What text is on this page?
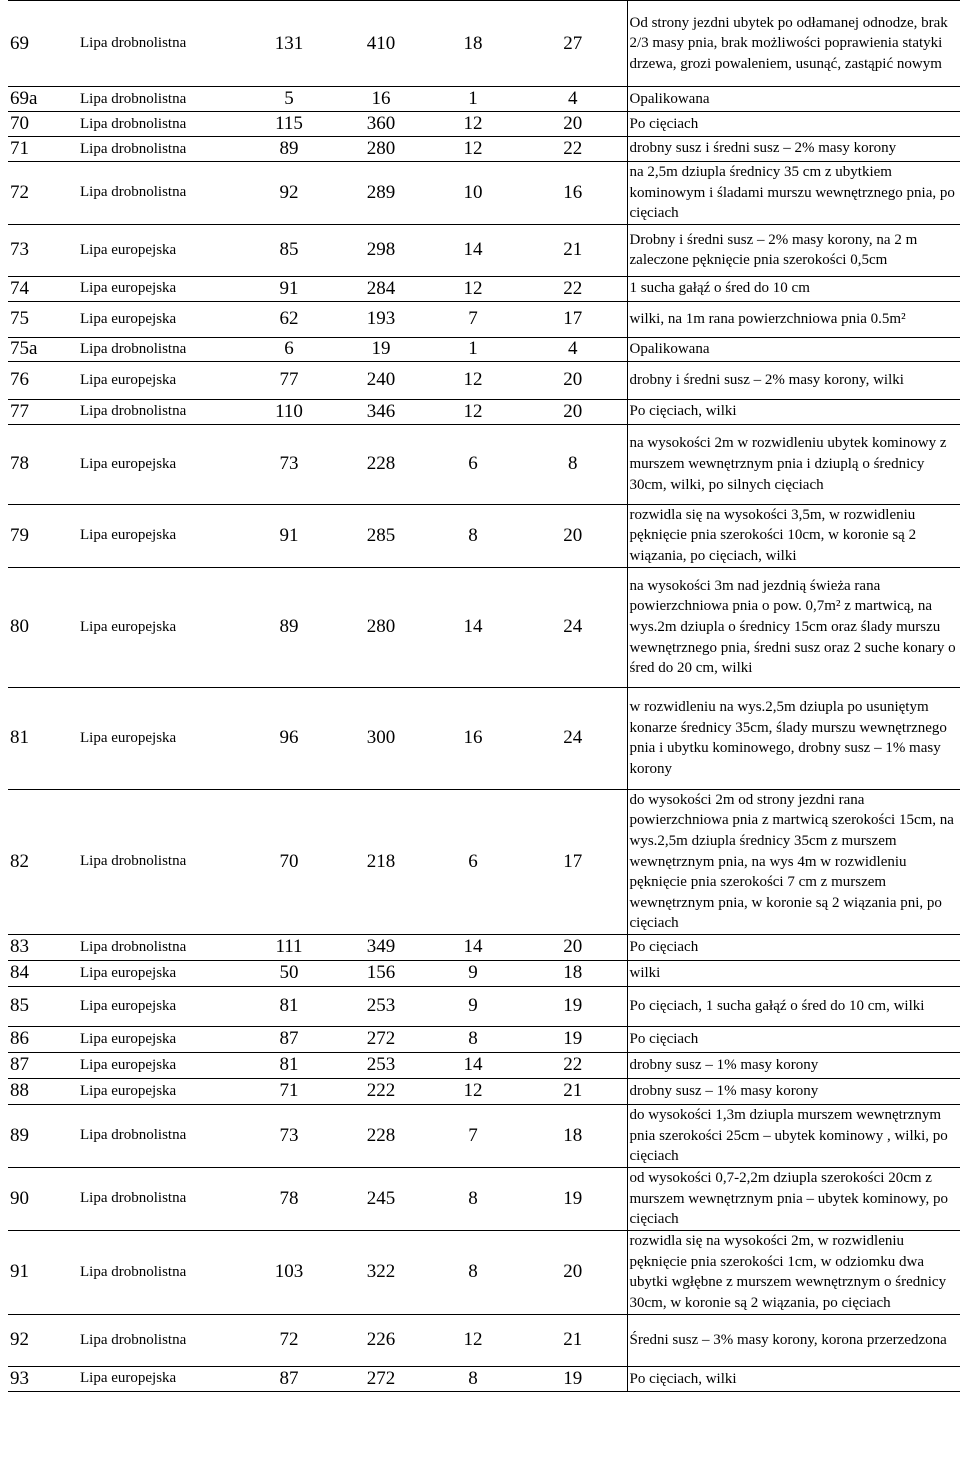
69	Lipa drobnolistna	131	410	18	27	Od strony jezdni ubytek po odłamanej odnodze, brak 2/3 masy pnia, brak możliwości poprawienia statyki drzewa, grozi powaleniem, usunąć, zastąpić nowym
69a	Lipa drobnolistna	5	16	1	4	Opalikowana
70	Lipa drobnolistna	115	360	12	20	Po cięciach
71	Lipa drobnolistna	89	280	12	22	drobny susz i średni susz – 2% masy korony
72	Lipa drobnolistna	92	289	10	16	na 2,5m dziupla średnicy 35 cm z ubytkiem kominowym i śladami murszu wewnętrznego pnia, po cięciach
73	Lipa europejska	85	298	14	21	Drobny i średni susz – 2% masy korony, na 2 m zaleczone pęknięcie pnia szerokości 0,5cm
74	Lipa europejska	91	284	12	22	1 sucha gałąź o śred do 10 cm
75	Lipa europejska	62	193	7	17	wilki, na 1m rana powierzchniowa pnia 0.5m²
75a	Lipa drobnolistna	6	19	1	4	Opalikowana
76	Lipa europejska	77	240	12	20	drobny i średni susz – 2% masy korony, wilki
77	Lipa drobnolistna	110	346	12	20	Po cięciach, wilki
78	Lipa europejska	73	228	6	8	na wysokości 2m w rozwidleniu ubytek kominowy z murszem wewnętrznym pnia i dziuplą o średnicy 30cm, wilki, po silnych cięciach
79	Lipa europejska	91	285	8	20	rozwidla się na wysokości 3,5m, w rozwidleniu pęknięcie pnia szerokości 10cm, w koronie są 2 wiązania, po cięciach, wilki
80	Lipa europejska	89	280	14	24	na wysokości 3m nad jezdnią świeża rana powierzchniowa pnia o pow. 0,7m² z martwicą, na wys.2m dziupla o średnicy 15cm oraz ślady murszu wewnętrznego pnia, średni susz oraz 2 suche konary o śred do 20 cm, wilki
81	Lipa europejska	96	300	16	24	w rozwidleniu na wys.2,5m dziupla po usuniętym konarze średnicy 35cm, ślady murszu wewnętrznego pnia i ubytku kominowego, drobny susz – 1% masy korony
82	Lipa drobnolistna	70	218	6	17	do wysokości 2m od strony jezdni rana powierzchniowa pnia z martwicą szerokości 15cm, na wys.2,5m dziupla średnicy 35cm z murszem wewnętrznym pnia, na wys 4m w rozwidleniu pęknięcie pnia szerokości 7 cm z murszem wewnętrznym pnia, w koronie są 2 wiązania pni, po cięciach
83	Lipa drobnolistna	111	349	14	20	Po cięciach
84	Lipa europejska	50	156	9	18	wilki
85	Lipa europejska	81	253	9	19	Po cięciach, 1 sucha gałąź o śred do 10 cm, wilki
86	Lipa europejska	87	272	8	19	Po cięciach
87	Lipa europejska	81	253	14	22	drobny susz – 1% masy korony
88	Lipa europejska	71	222	12	21	drobny susz – 1% masy korony
89	Lipa drobnolistna	73	228	7	18	do wysokości 1,3m dziupla murszem wewnętrznym pnia szerokości 25cm – ubytek kominowy , wilki, po cięciach
90	Lipa drobnolistna	78	245	8	19	od wysokości 0,7-2,2m dziupla szerokości 20cm z murszem wewnętrznym pnia – ubytek kominowy, po cięciach
91	Lipa drobnolistna	103	322	8	20	rozwidla się na wysokości 2m, w rozwidleniu pęknięcie pnia szerokości 1cm, w odziomku dwa ubytki wgłębne z murszem wewnętrznym o średnicy 30cm, w koronie są 2 wiązania, po cięciach
92	Lipa drobnolistna	72	226	12	21	Średni susz – 3% masy korony, korona przerzedzona
93	Lipa europejska	87	272	8	19	Po cięciach, wilki
